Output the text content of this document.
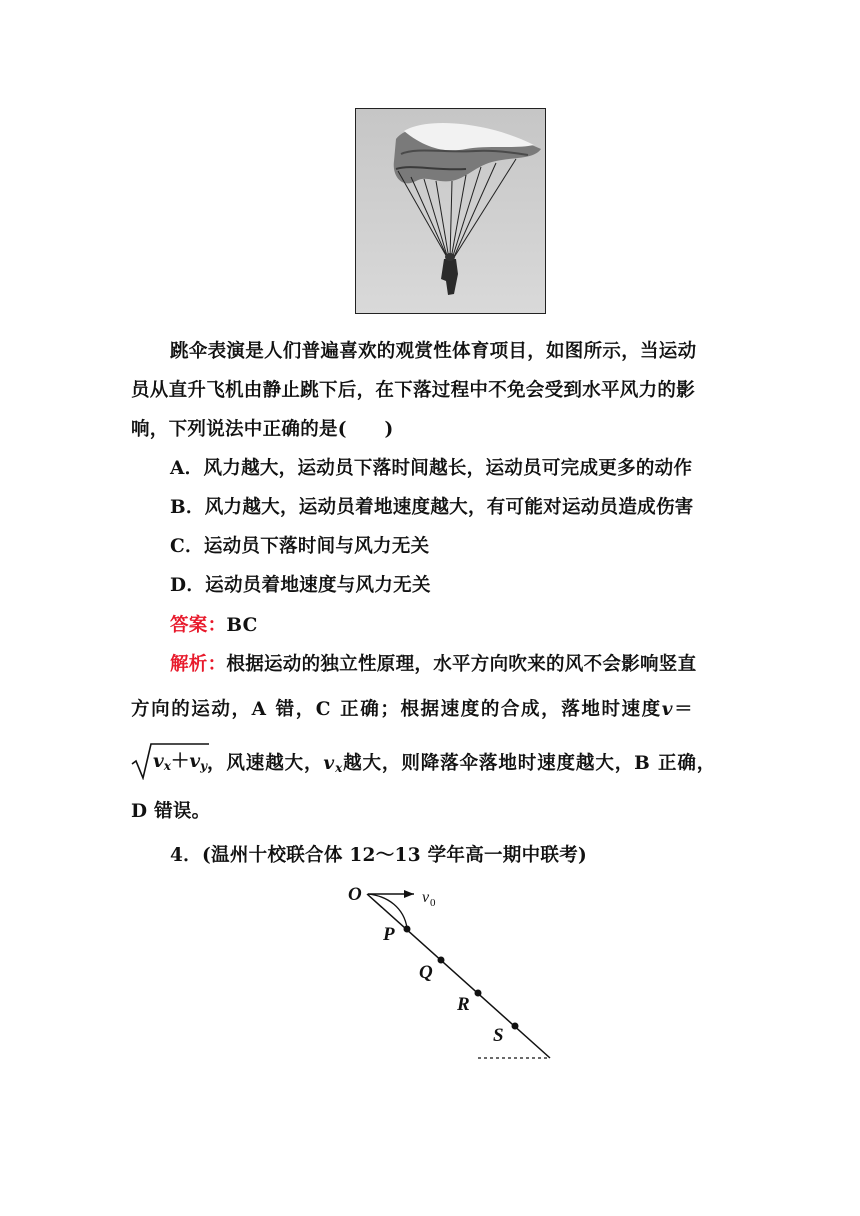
跳伞表演是人们普遍喜欢的观赏性体育项目，如图所示，当运动
员从直升飞机由静止跳下后，在下落过程中不免会受到水平风力的影
响，下列说法中正确的是(　　)
A．风力越大，运动员下落时间越长，运动员可完成更多的动作
B．风力越大，运动员着地速度越大，有可能对运动员造成伤害
C．运动员下落时间与风力无关
D．运动员着地速度与风力无关
答案：BC
解析：根据运动的独立性原理，水平方向吹来的风不会影响竖直
方向的运动，A 错，C 正确；根据速度的合成，落地时速度v＝
$v_x+v_y$ ，风速越大，$v_x$越大，则降落伞落地时速度越大，B 正确，
D 错误。
4．(温州十校联合体 12～13 学年高一期中联考)
O	v 0
P
Q
R
S
